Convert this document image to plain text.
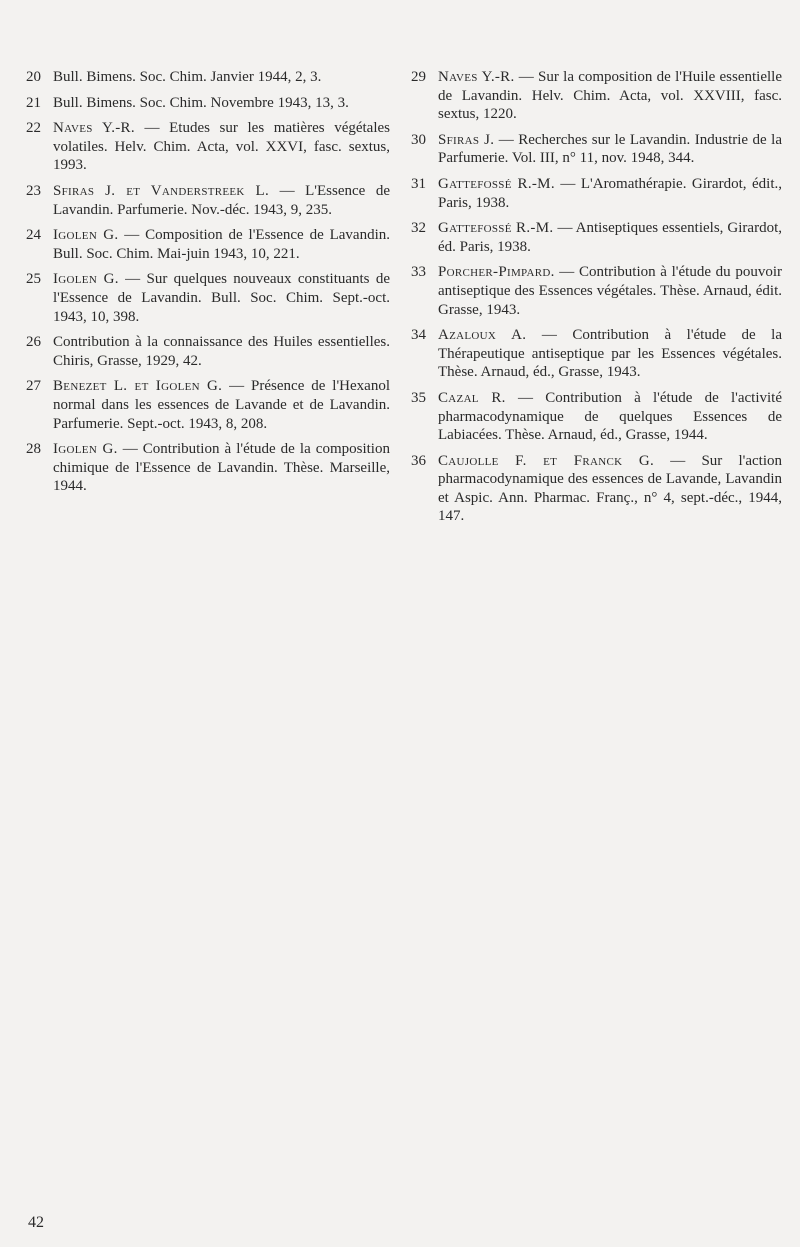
20 Bull. Bimens. Soc. Chim. Janvier 1944, 2, 3.
21 Bull. Bimens. Soc. Chim. Novembre 1943, 13, 3.
22 Naves Y.-R. — Etudes sur les matières végétales volatiles. Helv. Chim. Acta, vol. XXVI, fasc. sextus, 1993.
23 Sfiras J. et Vanderstreek L. — L'Essence de Lavandin. Parfumerie. Nov.-déc. 1943, 9, 235.
24 Igolen G. — Composition de l'Essence de Lavandin. Bull. Soc. Chim. Mai-juin 1943, 10, 221.
25 Igolen G. — Sur quelques nouveaux constituants de l'Essence de Lavandin. Bull. Soc. Chim. Sept.-oct. 1943, 10, 398.
26 Contribution à la connaissance des Huiles essentielles. Chiris, Grasse, 1929, 42.
27 Benezet L. et Igolen G. — Présence de l'Hexanol normal dans les essences de Lavande et de Lavandin. Parfumerie. Sept.-oct. 1943, 8, 208.
28 Igolen G. — Contribution à l'étude de la composition chimique de l'Essence de Lavandin. Thèse. Marseille, 1944.
29 Naves Y.-R. — Sur la composition de l'Huile essentielle de Lavandin. Helv. Chim. Acta, vol. XXVIII, fasc. sextus, 1220.
30 Sfiras J. — Recherches sur le Lavandin. Industrie de la Parfumerie. Vol. III, n° 11, nov. 1948, 344.
31 Gattefossé R.-M. — L'Aromathérapie. Girardot, édit., Paris, 1938.
32 Gattefossé R.-M. — Antiseptiques essentiels, Girardot, éd. Paris, 1938.
33 Porcher-Pimpard. — Contribution à l'étude du pouvoir antiseptique des Essences végétales. Thèse. Arnaud, édit. Grasse, 1943.
34 Azaloux A. — Contribution à l'étude de la Thérapeutique antiseptique par les Essences végétales. Thèse. Arnaud, éd., Grasse, 1943.
35 Cazal R. — Contribution à l'étude de l'activité pharmacodynamique de quelques Essences de Labiacées. Thèse. Arnaud, éd., Grasse, 1944.
36 Caujolle F. et Franck G. — Sur l'action pharmacodynamique des essences de Lavande, Lavandin et Aspic. Ann. Pharmac. Franç., n° 4, sept.-déc., 1944, 147.
42
